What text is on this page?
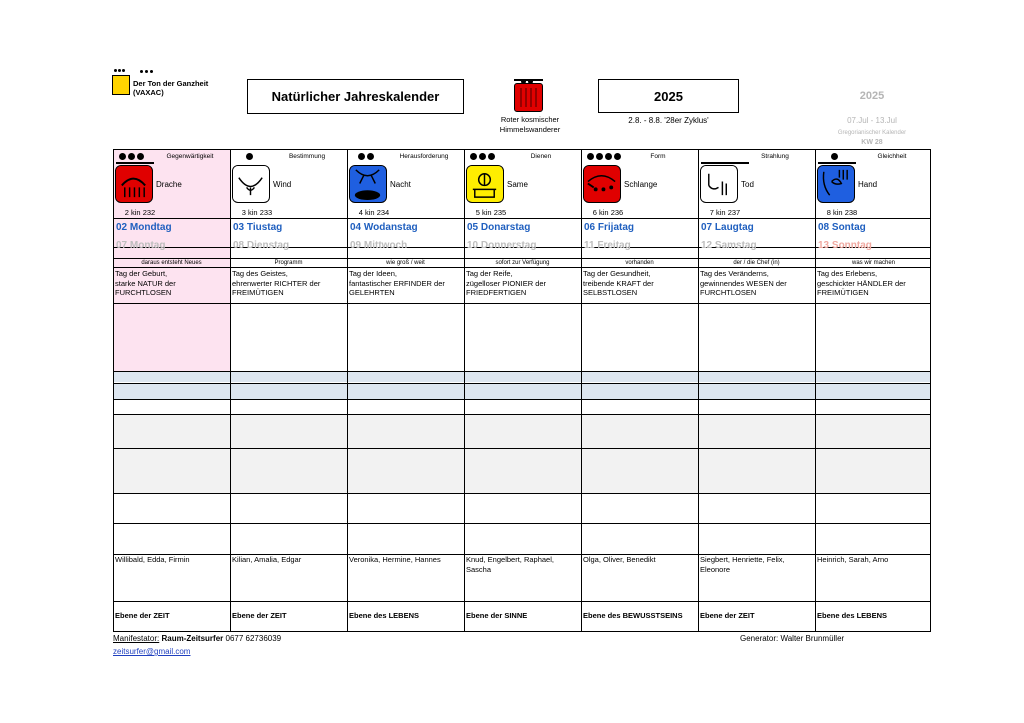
Der Ton der Ganzheit
(VAXAC)	Natürlicher Jahreskalender
Roter kosmischer
Himmelswanderer
2025
2.8. - 8.8. '28er Zyklus'
2025
07.Jul - 13.Jul
Gregorianischer Kalender
KW 28
Gegenwärtigkeit
Drache
2 kin 232
02 Mondtag
07 Montag
daraus entsteht Neues
Tag der Geburt,
starke NATUR der
FURCHTLOSEN
Willibald, Edda, Firmin
Ebene der ZEIT
Bestimmung
Wind
3 kin 233
03 Tiustag
08 Dienstag
Programm
Tag des Geistes,
ehrenwerter RICHTER der
FREIMÜTIGEN
Kilian, Amalia, Edgar
Ebene der ZEIT
Herausforderung
Nacht
4 kin 234
04 Wodanstag
09 Mittwoch
wie groß / weit
Tag der Ideen,
fantastischer ERFINDER der
GELEHRTEN
Veronika, Hermine, Hannes
Ebene des LEBENS
Dienen
Same
5 kin 235
05 Donarstag
10 Donnerstag
sofort zur Verfügung
Tag der Reife,
zügelloser PIONIER der
FRIEDFERTIGEN
Knud, Engelbert, Raphael,
Sascha
Ebene der SINNE
Form
Schlange
6 kin 236
06 Frijatag
11 Freitag
vorhanden
Tag der Gesundheit,
treibende KRAFT der
SELBSTLOSEN
Olga, Oliver, Benedikt
Ebene des BEWUSSTSEINS
Strahlung
Tod
7 kin 237
07 Laugtag
12 Samstag
der / die Chef (in)
Tag des Veränderns,
gewinnendes WESEN der
FURCHTLOSEN
Siegbert, Henriette, Felix,
Eleonore
Ebene der ZEIT
Gleichheit
Hand
8 kin 238
08 Sontag
13 Sonntag
was wir machen
Tag des Erlebens,
geschickter HÄNDLER der
FREIMÜTIGEN
Heinrich, Sarah, Arno
Ebene des LEBENS
Manifestator: Raum-Zeitsurfer 0677 62736039
zeitsurfer@gmail.com
Generator: Walter Brunmüller
